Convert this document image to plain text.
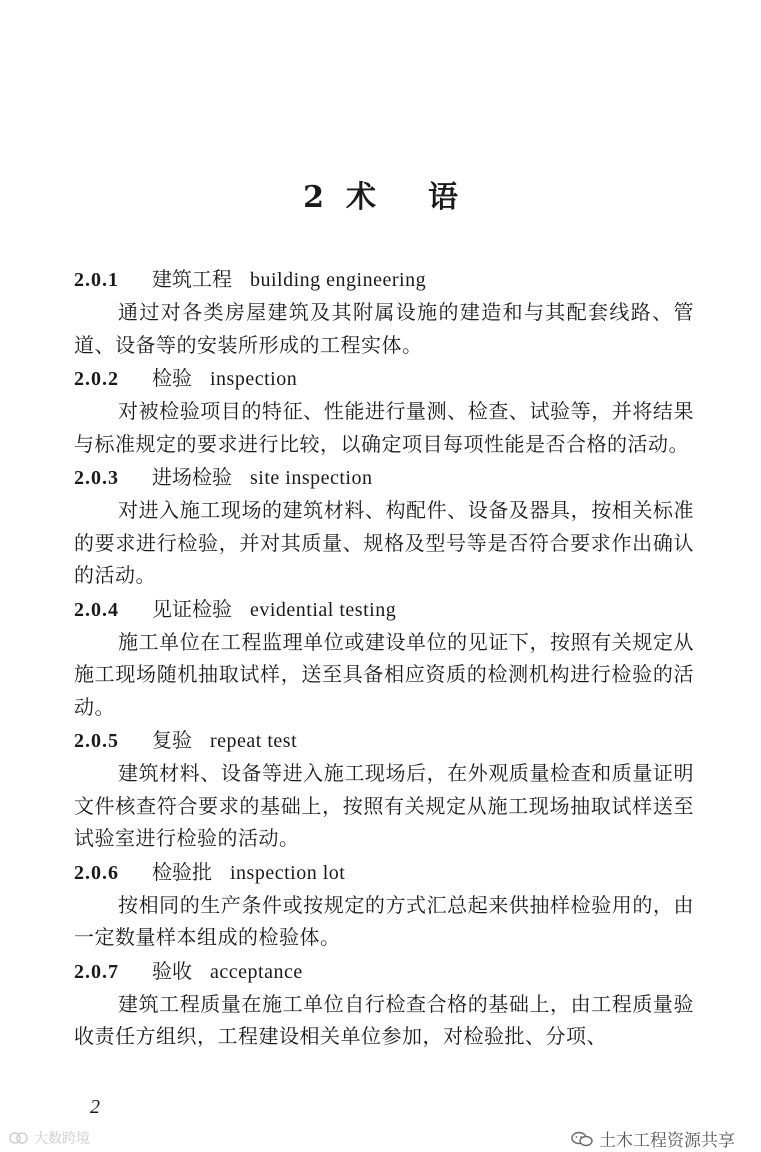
2 术 语
2.0.1 建筑工程 building engineering

通过对各类房屋建筑及其附属设施的建造和与其配套线路、管道、设备等的安装所形成的工程实体。

2.0.2 检验 inspection

对被检验项目的特征、性能进行量测、检查、试验等，并将结果与标准规定的要求进行比较，以确定项目每项性能是否合格的活动。

2.0.3 进场检验 site inspection

对进入施工现场的建筑材料、构配件、设备及器具，按相关标准的要求进行检验，并对其质量、规格及型号等是否符合要求作出确认的活动。

2.0.4 见证检验 evidential testing

施工单位在工程监理单位或建设单位的见证下，按照有关规定从施工现场随机抽取试样，送至具备相应资质的检测机构进行检验的活动。

2.0.5 复验 repeat test

建筑材料、设备等进入施工现场后，在外观质量检查和质量证明文件核查符合要求的基础上，按照有关规定从施工现场抽取试样送至试验室进行检验的活动。

2.0.6 检验批 inspection lot

按相同的生产条件或按规定的方式汇总起来供抽样检验用的，由一定数量样本组成的检验体。

2.0.7 验收 acceptance

建筑工程质量在施工单位自行检查合格的基础上，由工程质量验收责任方组织，工程建设相关单位参加，对检验批、分项、

2
土木工程资源共享
大数跨境
